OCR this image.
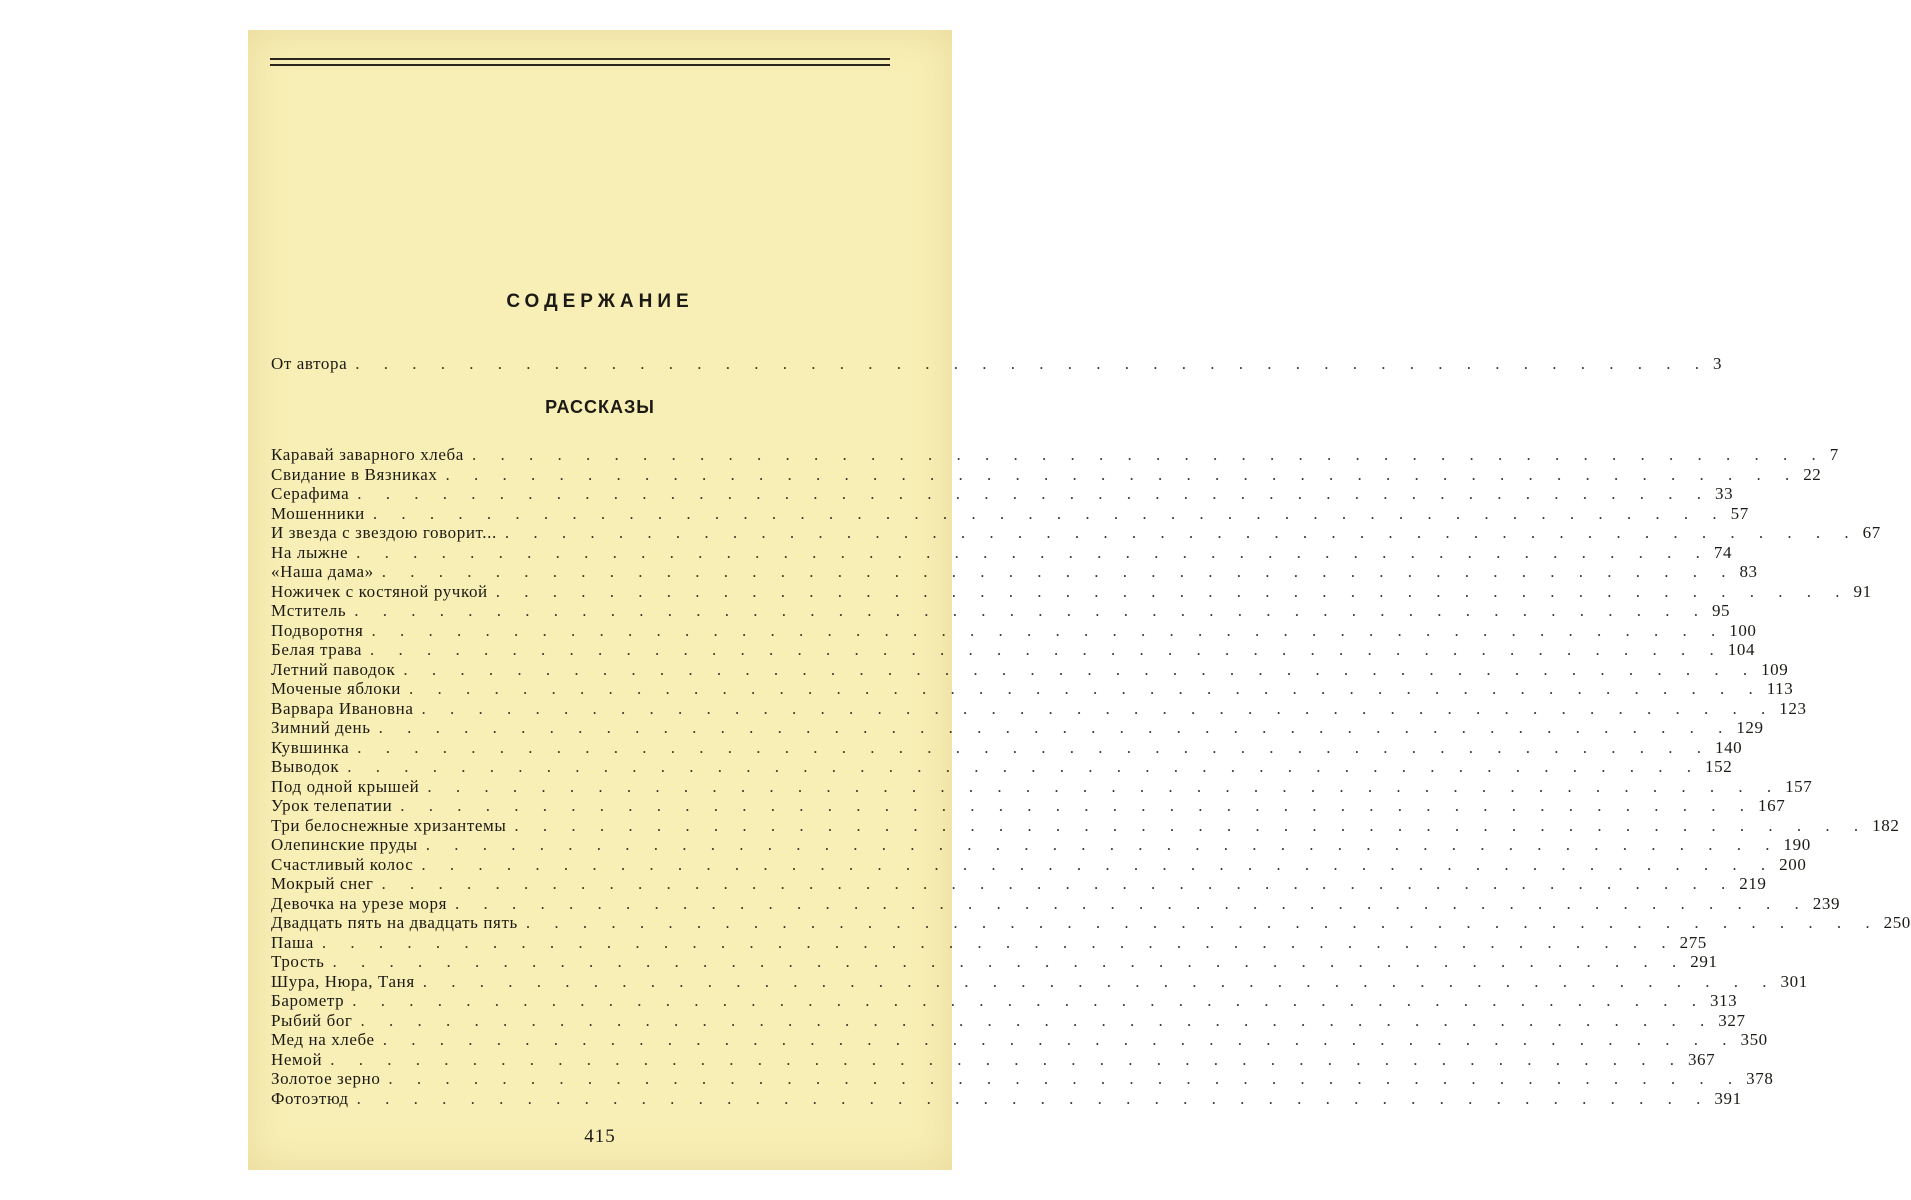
СОДЕРЖАНИЕ
От автора . . . . . . . . . . . . . . . . . . . . . . . . . . . . . . . . . . . . . . . . . . . . . . . . 3
РАССКАЗЫ
Каравай заварного хлеба . . . . . . . . . . . . . . . . . . . . . . . . . . . . . . . . . . . . . . . . . . . . . . . . 7
Свидание в Вязниках . . . . . . . . . . . . . . . . . . . . . . . . . . . . . . . . . . . . . . . . . . . . . . . . 22
Серафима . . . . . . . . . . . . . . . . . . . . . . . . . . . . . . . . . . . . . . . . . . . . . . . . 33
Мошенники . . . . . . . . . . . . . . . . . . . . . . . . . . . . . . . . . . . . . . . . . . . . . . . . 57
И звезда с звездою говорит... . . . . . . . . . . . . . . . . . . . . . . . . . . . . . . . . . . . . . . . . . . . . . . . . 67
На лыжне . . . . . . . . . . . . . . . . . . . . . . . . . . . . . . . . . . . . . . . . . . . . . . . . 74
«Наша дама» . . . . . . . . . . . . . . . . . . . . . . . . . . . . . . . . . . . . . . . . . . . . . . . . 83
Ножичек с костяной ручкой . . . . . . . . . . . . . . . . . . . . . . . . . . . . . . . . . . . . . . . . . . . . . . . . 91
Мститель . . . . . . . . . . . . . . . . . . . . . . . . . . . . . . . . . . . . . . . . . . . . . . . . 95
Подворотня . . . . . . . . . . . . . . . . . . . . . . . . . . . . . . . . . . . . . . . . . . . . . . . . 100
Белая трава . . . . . . . . . . . . . . . . . . . . . . . . . . . . . . . . . . . . . . . . . . . . . . . . 104
Летний паводок . . . . . . . . . . . . . . . . . . . . . . . . . . . . . . . . . . . . . . . . . . . . . . . . 109
Моченые яблоки . . . . . . . . . . . . . . . . . . . . . . . . . . . . . . . . . . . . . . . . . . . . . . . . 113
Варвара Ивановна . . . . . . . . . . . . . . . . . . . . . . . . . . . . . . . . . . . . . . . . . . . . . . . . 123
Зимний день . . . . . . . . . . . . . . . . . . . . . . . . . . . . . . . . . . . . . . . . . . . . . . . . 129
Кувшинка . . . . . . . . . . . . . . . . . . . . . . . . . . . . . . . . . . . . . . . . . . . . . . . . 140
Выводок . . . . . . . . . . . . . . . . . . . . . . . . . . . . . . . . . . . . . . . . . . . . . . . . 152
Под одной крышей . . . . . . . . . . . . . . . . . . . . . . . . . . . . . . . . . . . . . . . . . . . . . . . . 157
Урок телепатии . . . . . . . . . . . . . . . . . . . . . . . . . . . . . . . . . . . . . . . . . . . . . . . . 167
Три белоснежные хризантемы . . . . . . . . . . . . . . . . . . . . . . . . . . . . . . . . . . . . . . . . . . . . . . . . 182
Олепинские пруды . . . . . . . . . . . . . . . . . . . . . . . . . . . . . . . . . . . . . . . . . . . . . . . . 190
Счастливый колос . . . . . . . . . . . . . . . . . . . . . . . . . . . . . . . . . . . . . . . . . . . . . . . . 200
Мокрый снег . . . . . . . . . . . . . . . . . . . . . . . . . . . . . . . . . . . . . . . . . . . . . . . . 219
Девочка на урезе моря . . . . . . . . . . . . . . . . . . . . . . . . . . . . . . . . . . . . . . . . . . . . . . . . 239
Двадцать пять на двадцать пять . . . . . . . . . . . . . . . . . . . . . . . . . . . . . . . . . . . . . . . . . . . . . . . . 250
Паша . . . . . . . . . . . . . . . . . . . . . . . . . . . . . . . . . . . . . . . . . . . . . . . . 275
Трость . . . . . . . . . . . . . . . . . . . . . . . . . . . . . . . . . . . . . . . . . . . . . . . . 291
Шура, Нюра, Таня . . . . . . . . . . . . . . . . . . . . . . . . . . . . . . . . . . . . . . . . . . . . . . . . 301
Барометр . . . . . . . . . . . . . . . . . . . . . . . . . . . . . . . . . . . . . . . . . . . . . . . . 313
Рыбий бог . . . . . . . . . . . . . . . . . . . . . . . . . . . . . . . . . . . . . . . . . . . . . . . . 327
Мед на хлебе . . . . . . . . . . . . . . . . . . . . . . . . . . . . . . . . . . . . . . . . . . . . . . . . 350
Немой . . . . . . . . . . . . . . . . . . . . . . . . . . . . . . . . . . . . . . . . . . . . . . . . 367
Золотое зерно . . . . . . . . . . . . . . . . . . . . . . . . . . . . . . . . . . . . . . . . . . . . . . . . 378
Фотоэтюд . . . . . . . . . . . . . . . . . . . . . . . . . . . . . . . . . . . . . . . . . . . . . . . . 391
415
